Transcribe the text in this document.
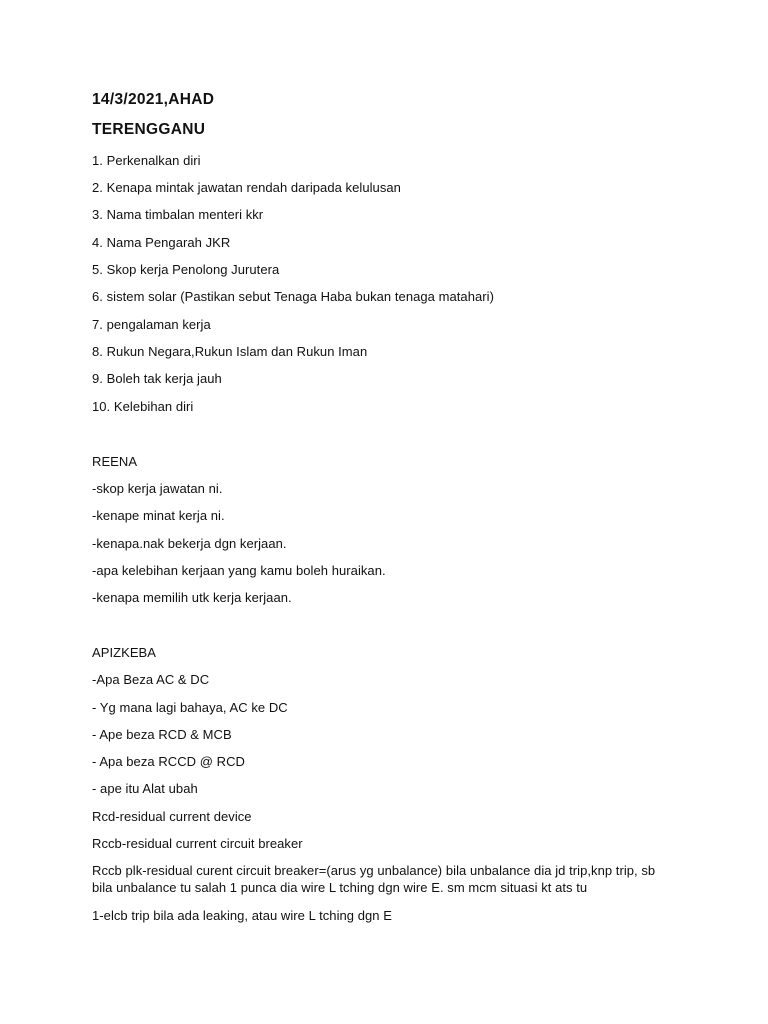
14/3/2021,AHAD
TERENGGANU
1. Perkenalkan diri
2. Kenapa mintak jawatan rendah daripada kelulusan
3. Nama timbalan menteri kkr
4. Nama Pengarah JKR
5. Skop kerja Penolong Jurutera
6. sistem solar (Pastikan sebut Tenaga Haba bukan tenaga matahari)
7. pengalaman kerja
8. Rukun Negara,Rukun Islam dan Rukun Iman
9. Boleh tak kerja jauh
10. Kelebihan diri
REENA
-skop kerja jawatan ni.
-kenape minat kerja ni.
-kenapa.nak bekerja dgn kerjaan.
-apa kelebihan kerjaan yang kamu boleh huraikan.
-kenapa memilih utk kerja kerjaan.
APIZKEBA
-Apa Beza AC & DC
- Yg mana lagi bahaya, AC ke DC
- Ape beza RCD & MCB
- Apa beza RCCD @ RCD
- ape itu Alat ubah
Rcd-residual current device
Rccb-residual current circuit breaker
Rccb plk-residual curent circuit breaker=(arus yg unbalance) bila unbalance dia jd trip,knp trip, sb bila unbalance tu salah 1 punca dia wire L tching dgn wire E. sm mcm situasi kt ats tu
1-elcb trip bila ada leaking, atau wire L tching dgn E
